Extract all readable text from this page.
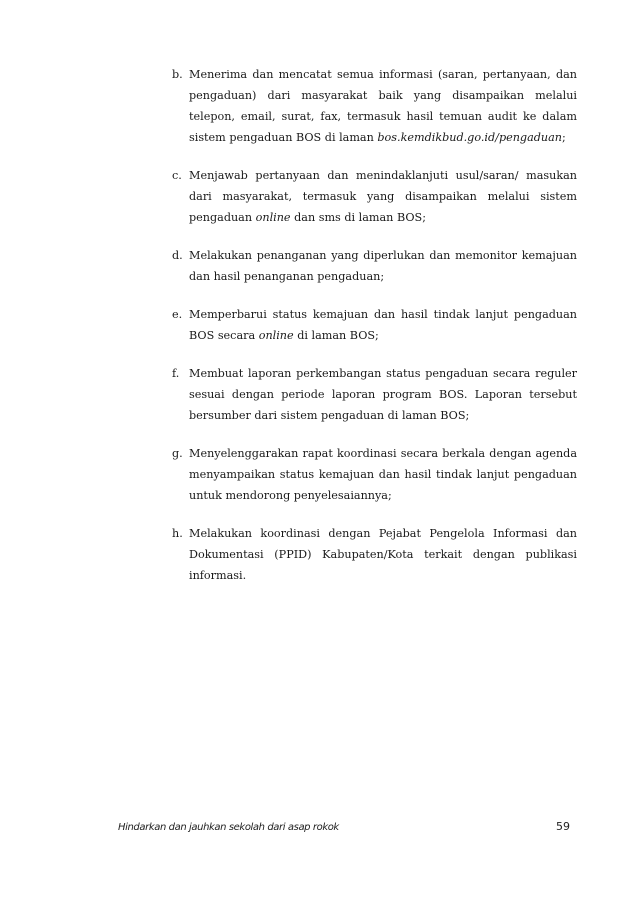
b. Menerima dan mencatat semua informasi (saran, pertanyaan, dan pengaduan) dari masyarakat baik yang disampaikan melalui telepon, email, surat, fax, termasuk hasil temuan audit ke dalam sistem pengaduan BOS di laman bos.kemdikbud.go.id/pengaduan;
c. Menjawab pertanyaan dan menindaklanjuti usul/saran/ masukan dari masyarakat, termasuk yang disampaikan melalui sistem pengaduan online dan sms di laman BOS;
d. Melakukan penanganan yang diperlukan dan memonitor kemajuan dan hasil penanganan pengaduan;
e. Memperbarui status kemajuan dan hasil tindak lanjut pengaduan BOS secara online di laman BOS;
f. Membuat laporan perkembangan status pengaduan secara reguler sesuai dengan periode laporan program BOS. Laporan tersebut bersumber dari sistem pengaduan di laman BOS;
g. Menyelenggarakan rapat koordinasi secara berkala dengan agenda menyampaikan status kemajuan dan hasil tindak lanjut pengaduan untuk mendorong penyelesaiannya;
h. Melakukan koordinasi dengan Pejabat Pengelola Informasi dan Dokumentasi (PPID) Kabupaten/Kota terkait dengan publikasi informasi.
Hindarkan dan jauhkan sekolah dari asap rokok	59
